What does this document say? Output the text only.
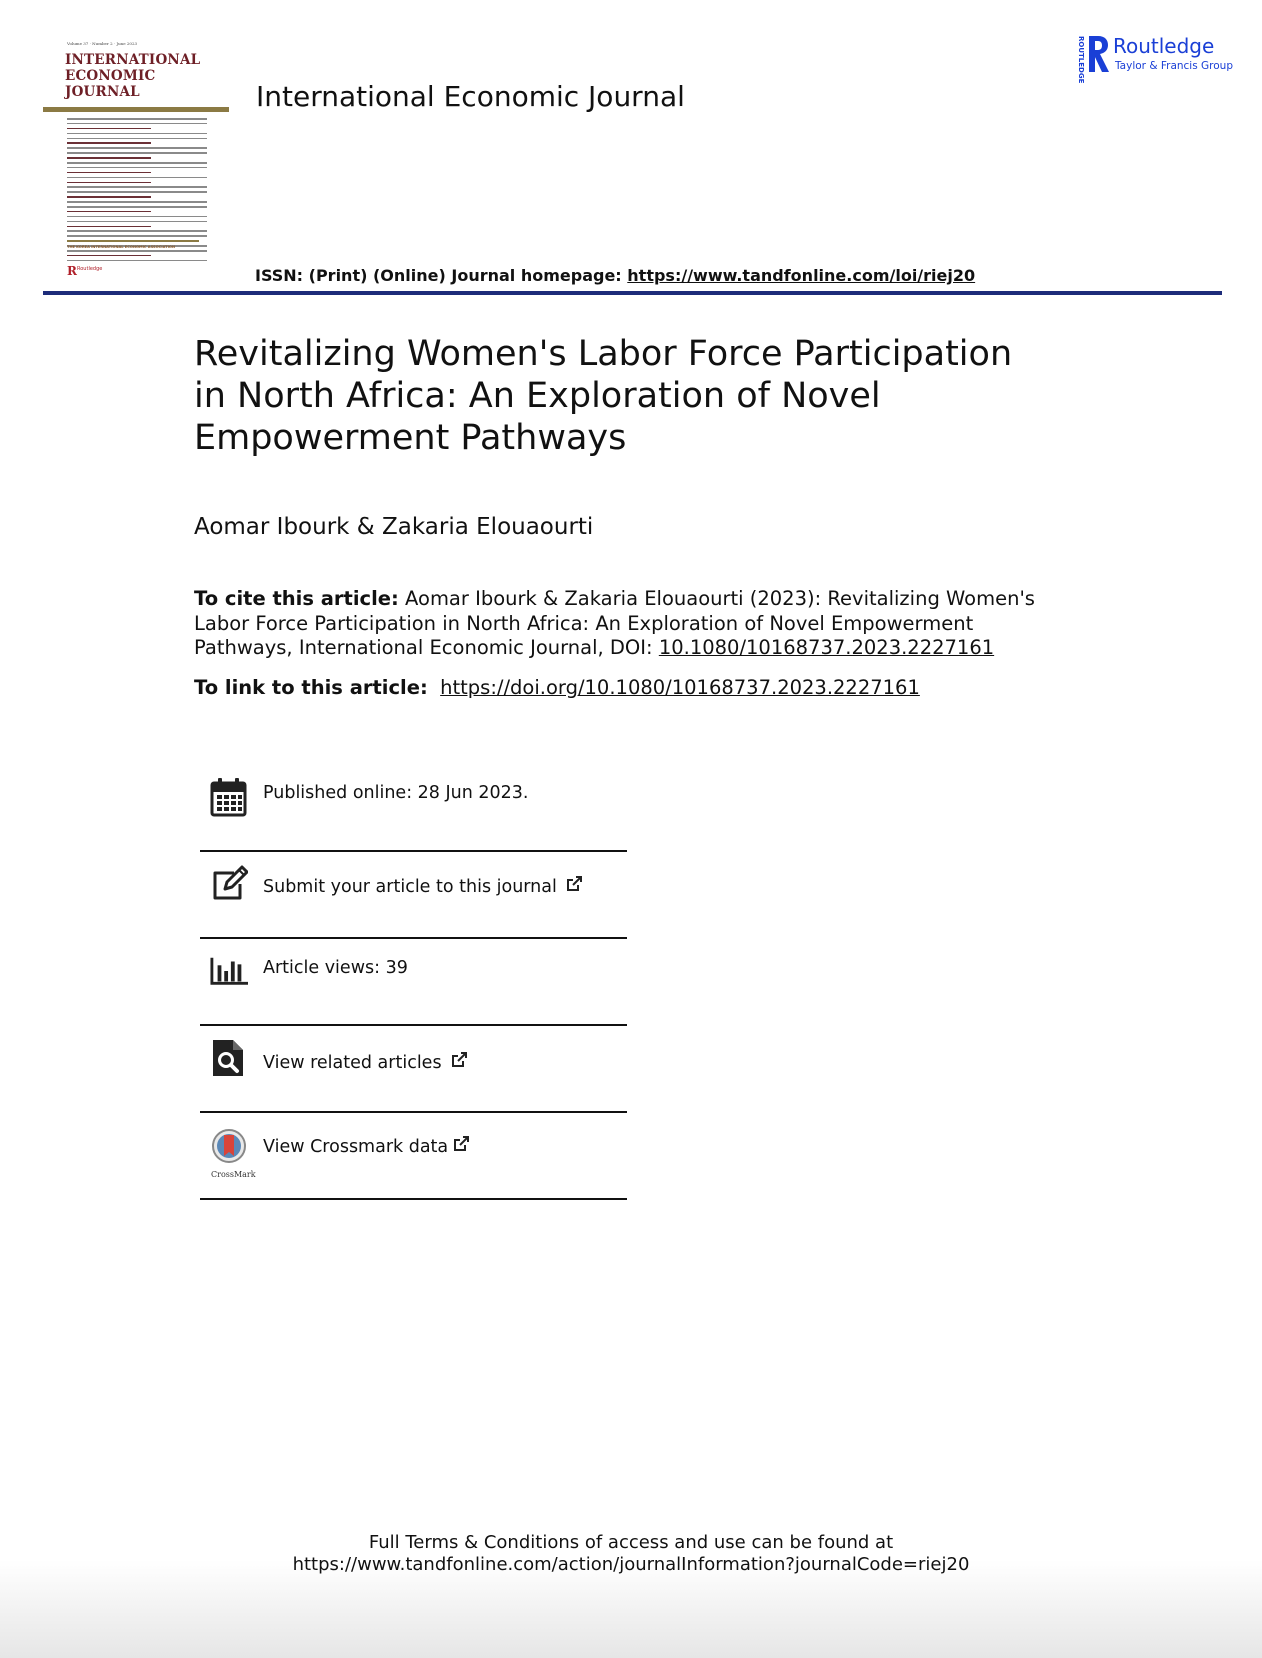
Volume 37 · Number 2 · June 2023
INTERNATIONAL
ECONOMIC
JOURNAL
THE KOREA INTERNATIONAL ECONOMIC ASSOCIATION
R Routledge
International Economic Journal
ROUTLEDGE Routledge
Taylor & Francis Group
ISSN: (Print) (Online) Journal homepage: https://www.tandfonline.com/loi/riej20
Revitalizing Women's Labor Force Participation in North Africa: An Exploration of Novel Empowerment Pathways
Aomar Ibourk & Zakaria Elouaourti
To cite this article: Aomar Ibourk & Zakaria Elouaourti (2023): Revitalizing Women's Labor Force Participation in North Africa: An Exploration of Novel Empowerment Pathways, International Economic Journal, DOI: 10.1080/10168737.2023.2227161
To link to this article: https://doi.org/10.1080/10168737.2023.2227161
Published online: 28 Jun 2023.
Submit your article to this journal
Article views: 39
View related articles
CrossMark
View Crossmark data
Full Terms & Conditions of access and use can be found at
https://www.tandfonline.com/action/journalInformation?journalCode=riej20
